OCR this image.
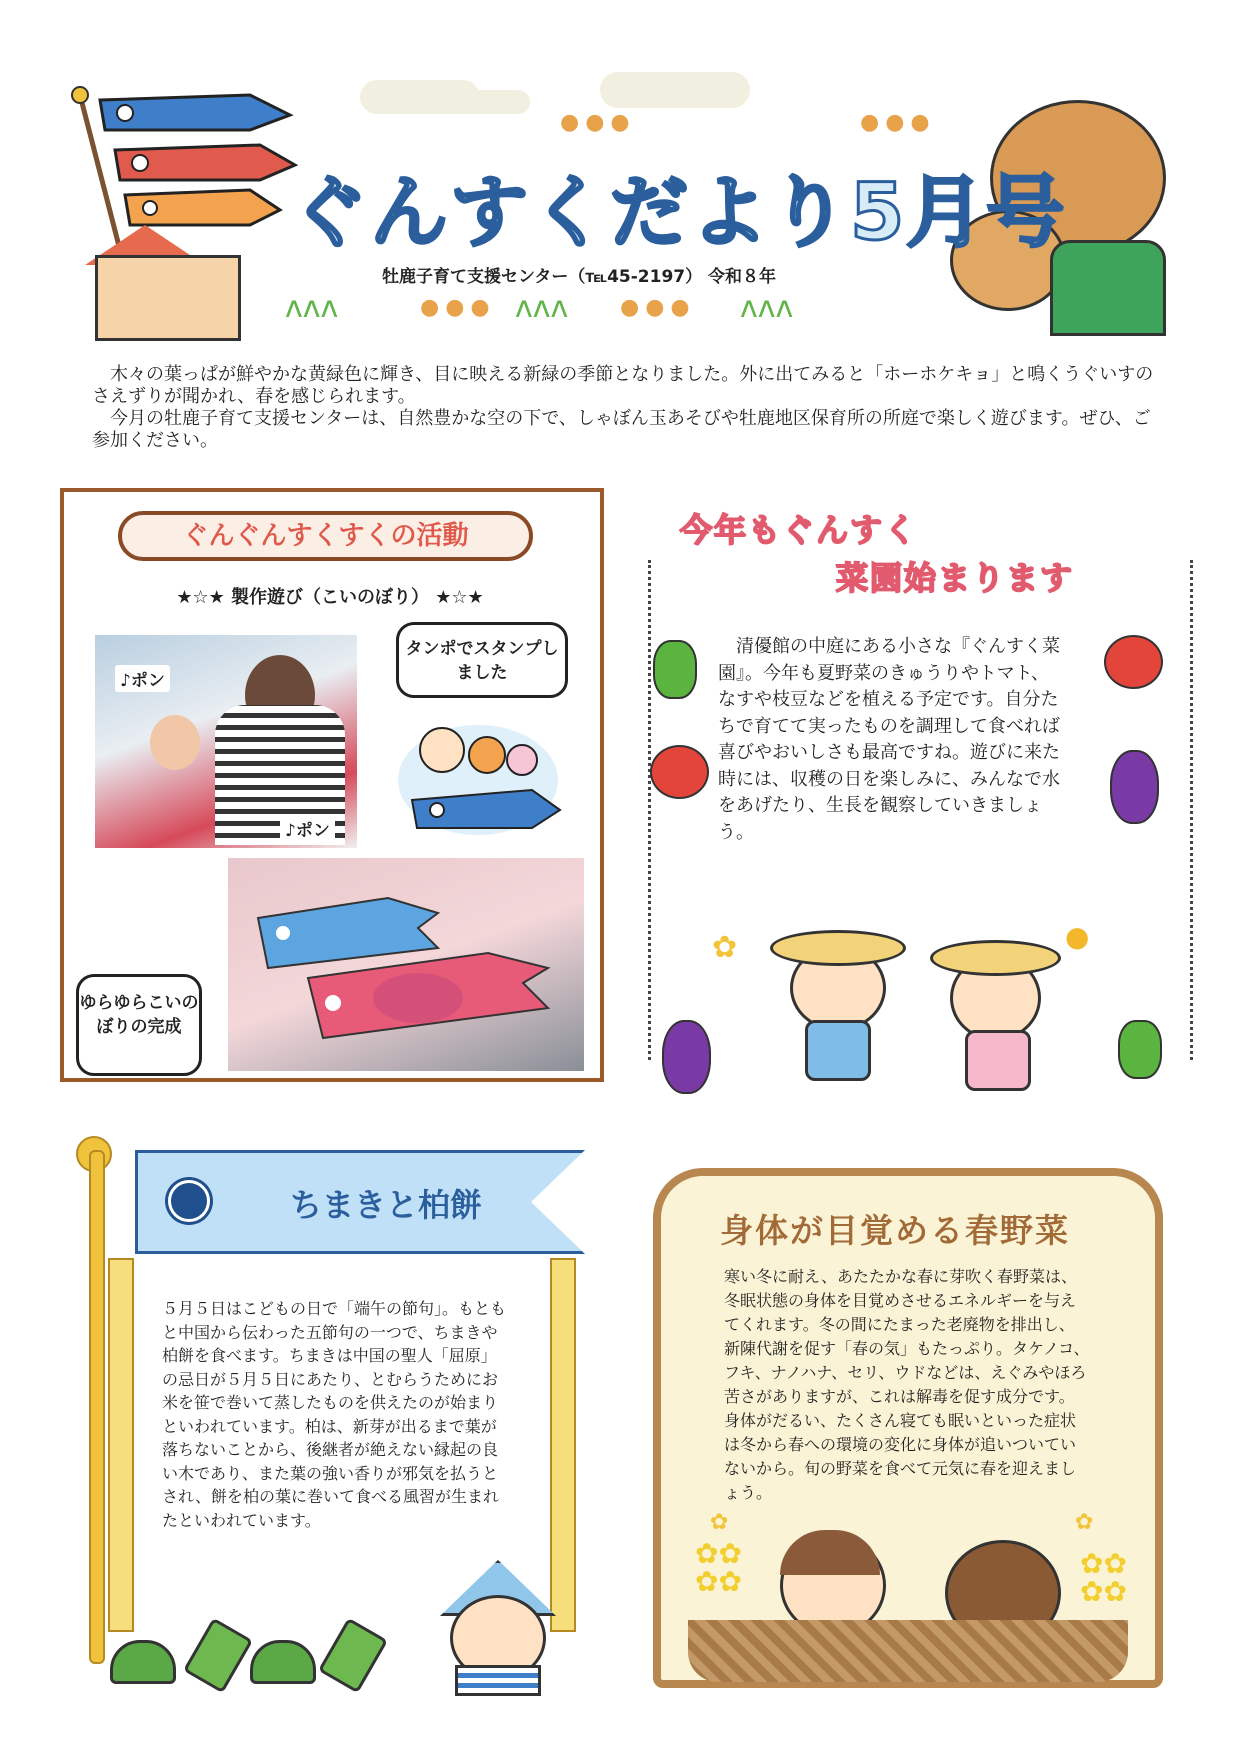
●●●	●●●
●●●	●●●
ᴧᴧᴧ	ᴧᴧᴧ	ᴧᴧᴧ
ぐんすくだより5月号
牡鹿子育て支援センター（℡45-2197） 令和８年

木々の葉っぱが鮮やかな黄緑色に輝き、目に映える新緑の季節となりました。外に出てみると「ホーホケキョ」と鳴くうぐいすのさえずりが聞かれ、春を感じられます。

今月の牡鹿子育て支援センターは、自然豊かな空の下で、しゃぼん玉あそびや牡鹿地区保育所の所庭で楽しく遊びます。ぜひ、ご参加ください。

ぐんぐんすくすくの活動
★☆★ 製作遊び（こいのぼり） ★☆★
♪ポン
♪ポン
タンポでスタンプしました
ゆらゆらこいのぼりの完成
今年もぐんすく
菜園始まります
清優館の中庭にある小さな『ぐんすく菜園』。今年も夏野菜のきゅうりやトマト、なすや枝豆などを植える予定です。自分たちで育てて実ったものを調理して食べれば喜びやおいしさも最高ですね。遊びに来た時には、収穫の日を楽しみに、みんなで水をあげたり、生長を観察していきましょう。
✿	●
ちまきと柏餅
５月５日はこどもの日で「端午の節句」。もともと中国から伝わった五節句の一つで、ちまきや柏餅を食べます。ちまきは中国の聖人「屈原」の忌日が５月５日にあたり、とむらうためにお米を笹で巻いて蒸したものを供えたのが始まりといわれています。柏は、新芽が出るまで葉が落ちないことから、後継者が絶えない縁起の良い木であり、また葉の強い香りが邪気を払うとされ、餅を柏の葉に巻いて食べる風習が生まれたといわれています。
身体が目覚める春野菜
寒い冬に耐え、あたたかな春に芽吹く春野菜は、冬眠状態の身体を目覚めさせるエネルギーを与えてくれます。冬の間にたまった老廃物を排出し、新陳代謝を促す「春の気」もたっぷり。タケノコ、フキ、ナノハナ、セリ、ウドなどは、えぐみやほろ苦さがありますが、これは解毒を促す成分です。身体がだるい、たくさん寝ても眠いといった症状は冬から春への環境の変化に身体が追いついていないから。旬の野菜を食べて元気に春を迎えましょう。
✿✿
✿✿
✿✿
✿✿
✿	✿
